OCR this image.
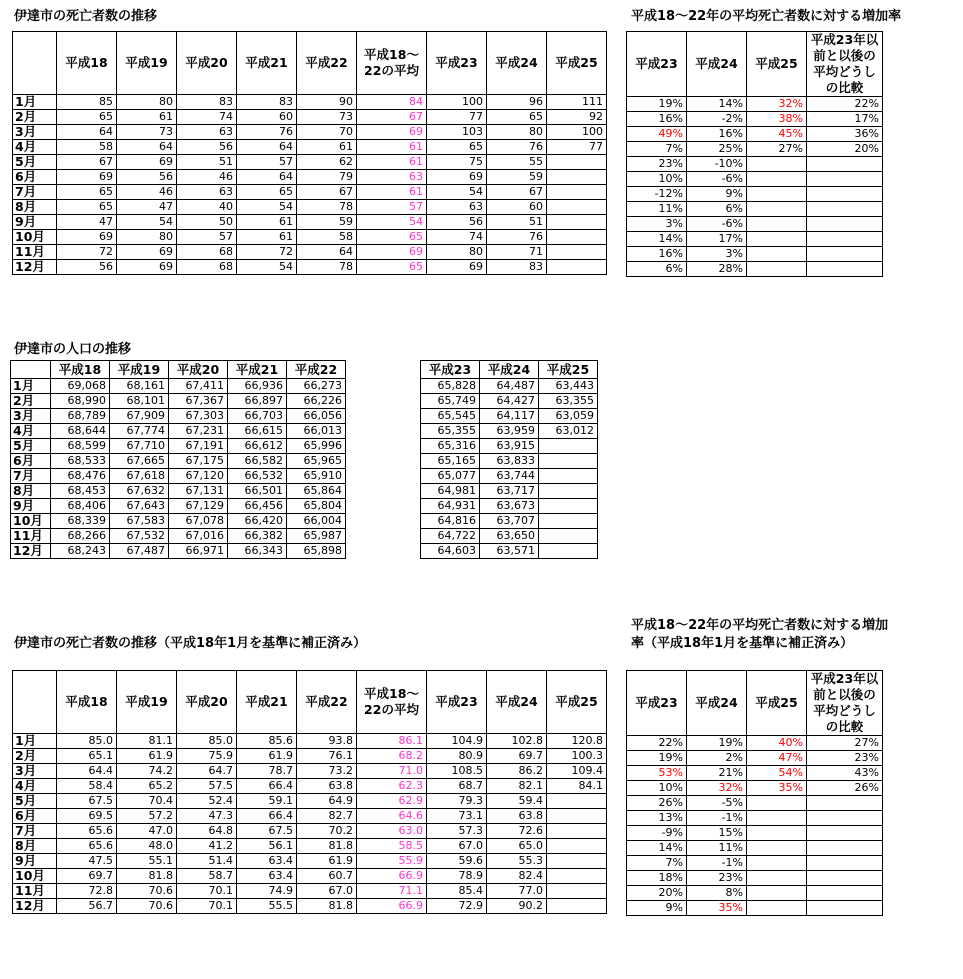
伊達市の死亡者数の推移	平成18～22年の平均死亡者数に対する増加率
	平成18	平成19	平成20	平成21	平成22	平成18～22の平均	平成23	平成24	平成25
1月	85	80	83	83	90	84	100	96	111
2月	65	61	74	60	73	67	77	65	92
3月	64	73	63	76	70	69	103	80	100
4月	58	64	56	64	61	61	65	76	77
5月	67	69	51	57	62	61	75	55	
6月	69	56	46	64	79	63	69	59	
7月	65	46	63	65	67	61	54	67	
8月	65	47	40	54	78	57	63	60	
9月	47	54	50	61	59	54	56	51	
10月	69	80	57	61	58	65	74	76	
11月	72	69	68	72	64	69	80	71	
12月	56	69	68	54	78	65	69	83	
平成23	平成24	平成25	平成23年以前と以後の平均どうしの比較
19%	14%	32%	22%
16%	-2%	38%	17%
49%	16%	45%	36%
7%	25%	27%	20%
23%	-10%		
10%	-6%		
-12%	9%		
11%	6%		
3%	-6%		
14%	17%		
16%	3%		
6%	28%		
伊達市の人口の推移
	平成18	平成19	平成20	平成21	平成22		平成23	平成24	平成25
1月	69,068	68,161	67,411	66,936	66,273		65,828	64,487	63,443
2月	68,990	68,101	67,367	66,897	66,226		65,749	64,427	63,355
3月	68,789	67,909	67,303	66,703	66,056		65,545	64,117	63,059
4月	68,644	67,774	67,231	66,615	66,013		65,355	63,959	63,012
5月	68,599	67,710	67,191	66,612	65,996		65,316	63,915	
6月	68,533	67,665	67,175	66,582	65,965		65,165	63,833	
7月	68,476	67,618	67,120	66,532	65,910		65,077	63,744	
8月	68,453	67,632	67,131	66,501	65,864		64,981	63,717	
9月	68,406	67,643	67,129	66,456	65,804		64,931	63,673	
10月	68,339	67,583	67,078	66,420	66,004		64,816	63,707	
11月	68,266	67,532	67,016	66,382	65,987		64,722	63,650	
12月	68,243	67,487	66,971	66,343	65,898		64,603	63,571	
伊達市の死亡者数の推移（平成18年1月を基準に補正済み）
平成18～22年の平均死亡者数に対する増加率（平成18年1月を基準に補正済み）
	平成18	平成19	平成20	平成21	平成22	平成18～22の平均	平成23	平成24	平成25
1月	85.0	81.1	85.0	85.6	93.8	86.1	104.9	102.8	120.8
2月	65.1	61.9	75.9	61.9	76.1	68.2	80.9	69.7	100.3
3月	64.4	74.2	64.7	78.7	73.2	71.0	108.5	86.2	109.4
4月	58.4	65.2	57.5	66.4	63.8	62.3	68.7	82.1	84.1
5月	67.5	70.4	52.4	59.1	64.9	62.9	79.3	59.4	
6月	69.5	57.2	47.3	66.4	82.7	64.6	73.1	63.8	
7月	65.6	47.0	64.8	67.5	70.2	63.0	57.3	72.6	
8月	65.6	48.0	41.2	56.1	81.8	58.5	67.0	65.0	
9月	47.5	55.1	51.4	63.4	61.9	55.9	59.6	55.3	
10月	69.7	81.8	58.7	63.4	60.7	66.9	78.9	82.4	
11月	72.8	70.6	70.1	74.9	67.0	71.1	85.4	77.0	
12月	56.7	70.6	70.1	55.5	81.8	66.9	72.9	90.2	
平成23	平成24	平成25	平成23年以前と以後の平均どうしの比較
22%	19%	40%	27%
19%	2%	47%	23%
53%	21%	54%	43%
10%	32%	35%	26%
26%	-5%		
13%	-1%		
-9%	15%		
14%	11%		
7%	-1%		
18%	23%		
20%	8%		
9%	35%		
